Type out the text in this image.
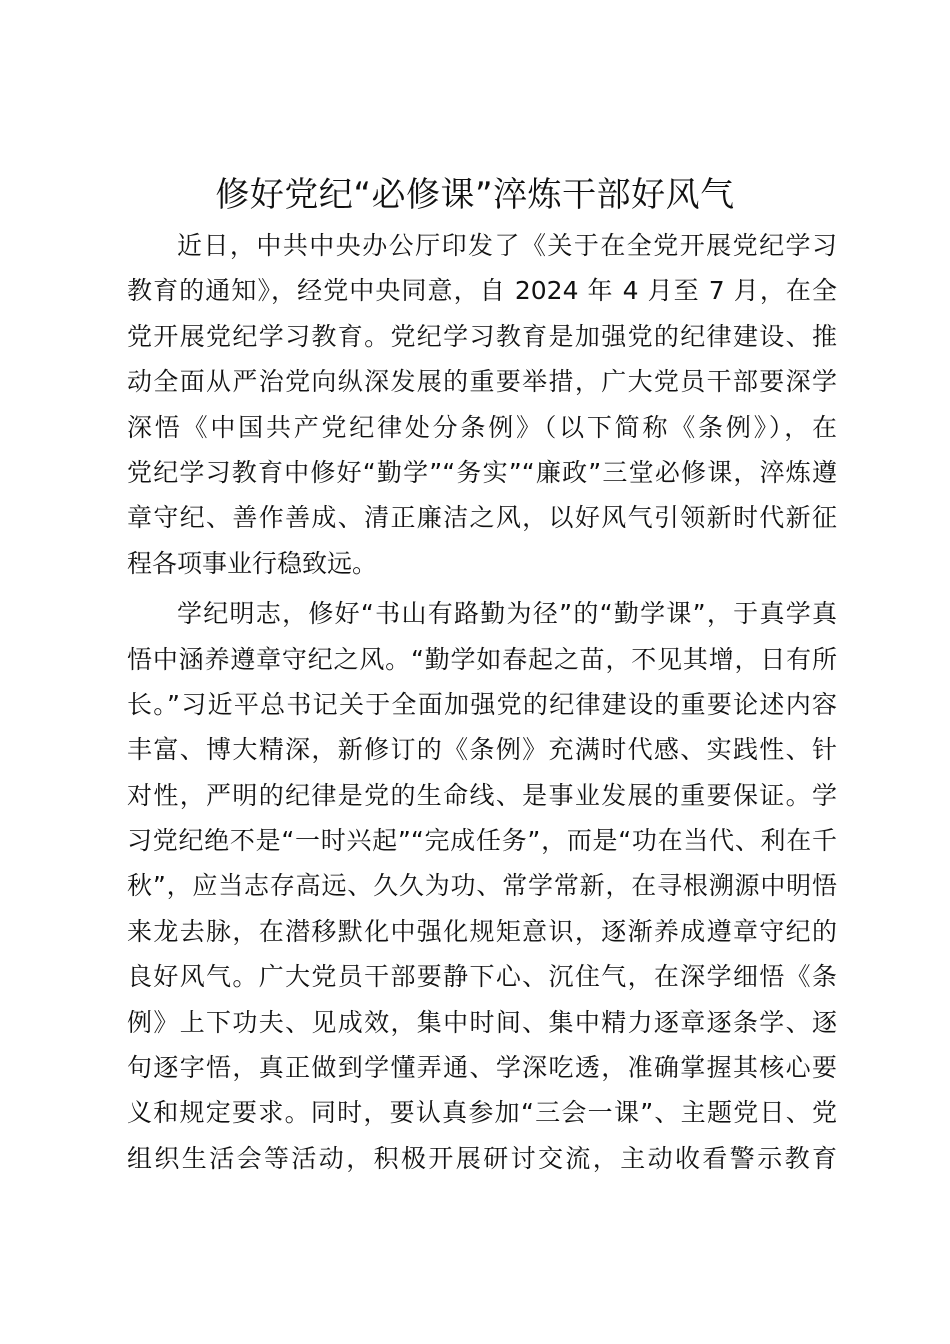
修好党纪“必修课”淬炼干部好风气

近日，中共中央办公厅印发了《关于在全党开展党纪学习
教育的通知》，经党中央同意，自 2024 年 4 月至 7 月，在全
党开展党纪学习教育。党纪学习教育是加强党的纪律建设、推
动全面从严治党向纵深发展的重要举措，广大党员干部要深学
深悟《中国共产党纪律处分条例》（以下简称《条例》），在
党纪学习教育中修好“勤学”“务实”“廉政”三堂必修课，淬炼遵
章守纪、善作善成、清正廉洁之风，以好风气引领新时代新征
程各项事业行稳致远。

学纪明志，修好“书山有路勤为径”的“勤学课”，于真学真
悟中涵养遵章守纪之风。“勤学如春起之苗，不见其增，日有所
长。”习近平总书记关于全面加强党的纪律建设的重要论述内容
丰富、博大精深，新修订的《条例》充满时代感、实践性、针
对性，严明的纪律是党的生命线、是事业发展的重要保证。学
习党纪绝不是“一时兴起”“完成任务”，而是“功在当代、利在千
秋”，应当志存高远、久久为功、常学常新，在寻根溯源中明悟
来龙去脉，在潜移默化中强化规矩意识，逐渐养成遵章守纪的
良好风气。广大党员干部要静下心、沉住气，在深学细悟《条
例》上下功夫、见成效，集中时间、集中精力逐章逐条学、逐
句逐字悟，真正做到学懂弄通、学深吃透，准确掌握其核心要
义和规定要求。同时，要认真参加“三会一课”、主题党日、党
组织生活会等活动，积极开展研讨交流，主动收看警示教育
